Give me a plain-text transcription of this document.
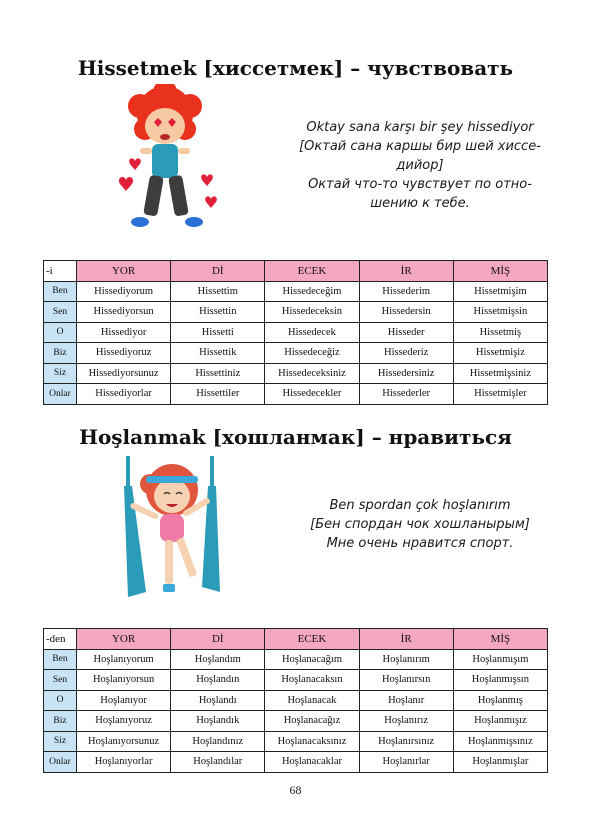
Hissetmek [хиссетмек] – чувствовать
Oktay sana karşı bir şey hissediyor
[Октай сана каршы бир шей хиссе-
дийор]
Октай что-то чувствует по отно-
шению к тебе.
-i	YOR	Dİ	ECEK	İR	MİŞ
Ben	Hissediyorum	Hissettim	Hissedeceğim	Hissederim	Hissetmişim
Sen	Hissediyorsun	Hissettin	Hissedeceksin	Hissedersin	Hissetmişsin
O	Hissediyor	Hissetti	Hissedecek	Hisseder	Hissetmiş
Biz	Hissediyoruz	Hissettik	Hissedeceğiz	Hissederiz	Hissetmişiz
Siz	Hissediyorsunuz	Hissettiniz	Hissedeceksiniz	Hissedersiniz	Hissetmişsiniz
Onlar	Hissediyorlar	Hissettiler	Hissedecekler	Hissederler	Hissetmişler
Hoşlanmak [хошланмак] – нравиться
Ben spordan çok hoşlanırım
[Бен спордан чок хошланырым]
Мне очень нравится спорт.
-den	YOR	Dİ	ECEK	İR	MİŞ
Ben	Hoşlanıyorum	Hoşlandım	Hoşlanacağım	Hoşlanırım	Hoşlanmışım
Sen	Hoşlanıyorsun	Hoşlandın	Hoşlanacaksın	Hoşlanırsın	Hoşlanmışsın
O	Hoşlanıyor	Hoşlandı	Hoşlanacak	Hoşlanır	Hoşlanmış
Biz	Hoşlanıyoruz	Hoşlandık	Hoşlanacağız	Hoşlanırız	Hoşlanmışız
Siz	Hoşlanıyorsunuz	Hoşlandınız	Hoşlanacaksınız	Hoşlanırsınız	Hoşlanmışsınız
Onlar	Hoşlanıyorlar	Hoşlandılar	Hoşlanacaklar	Hoşlanırlar	Hoşlanmışlar
68
